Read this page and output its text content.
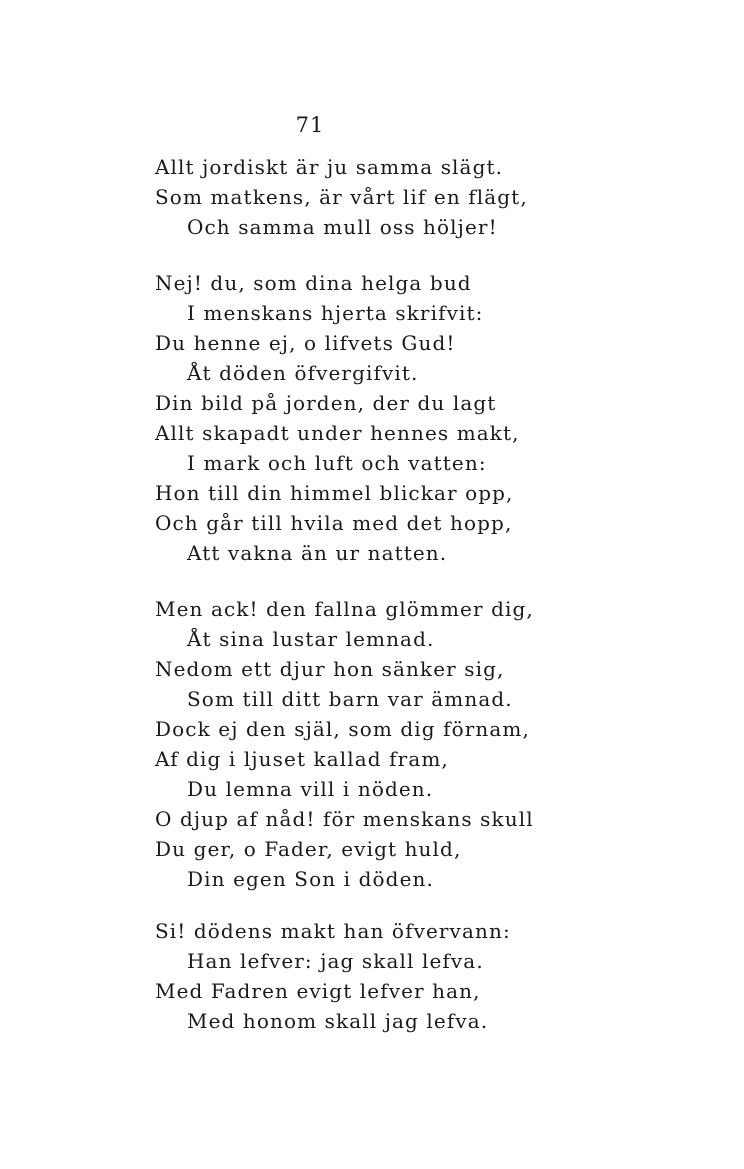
71
Allt jordiskt är ju samma slägt.
Som matkens, är vårt lif en flägt,
Och samma mull oss höljer!
Nej! du, som dina helga bud
I menskans hjerta skrifvit:
Du henne ej, o lifvets Gud!
Åt döden öfvergifvit.
Din bild på jorden, der du lagt
Allt skapadt under hennes makt,
I mark och luft och vatten:
Hon till din himmel blickar opp,
Och går till hvila med det hopp,
Att vakna än ur natten.
Men ack! den fallna glömmer dig,
Åt sina lustar lemnad.
Nedom ett djur hon sänker sig,
Som till ditt barn var ämnad.
Dock ej den själ, som dig förnam,
Af dig i ljuset kallad fram,
Du lemna vill i nöden.
O djup af nåd! för menskans skull
Du ger, o Fader, evigt huld,
Din egen Son i döden.
Si! dödens makt han öfvervann:
Han lefver: jag skall lefva.
Med Fadren evigt lefver han,
Med honom skall jag lefva.
